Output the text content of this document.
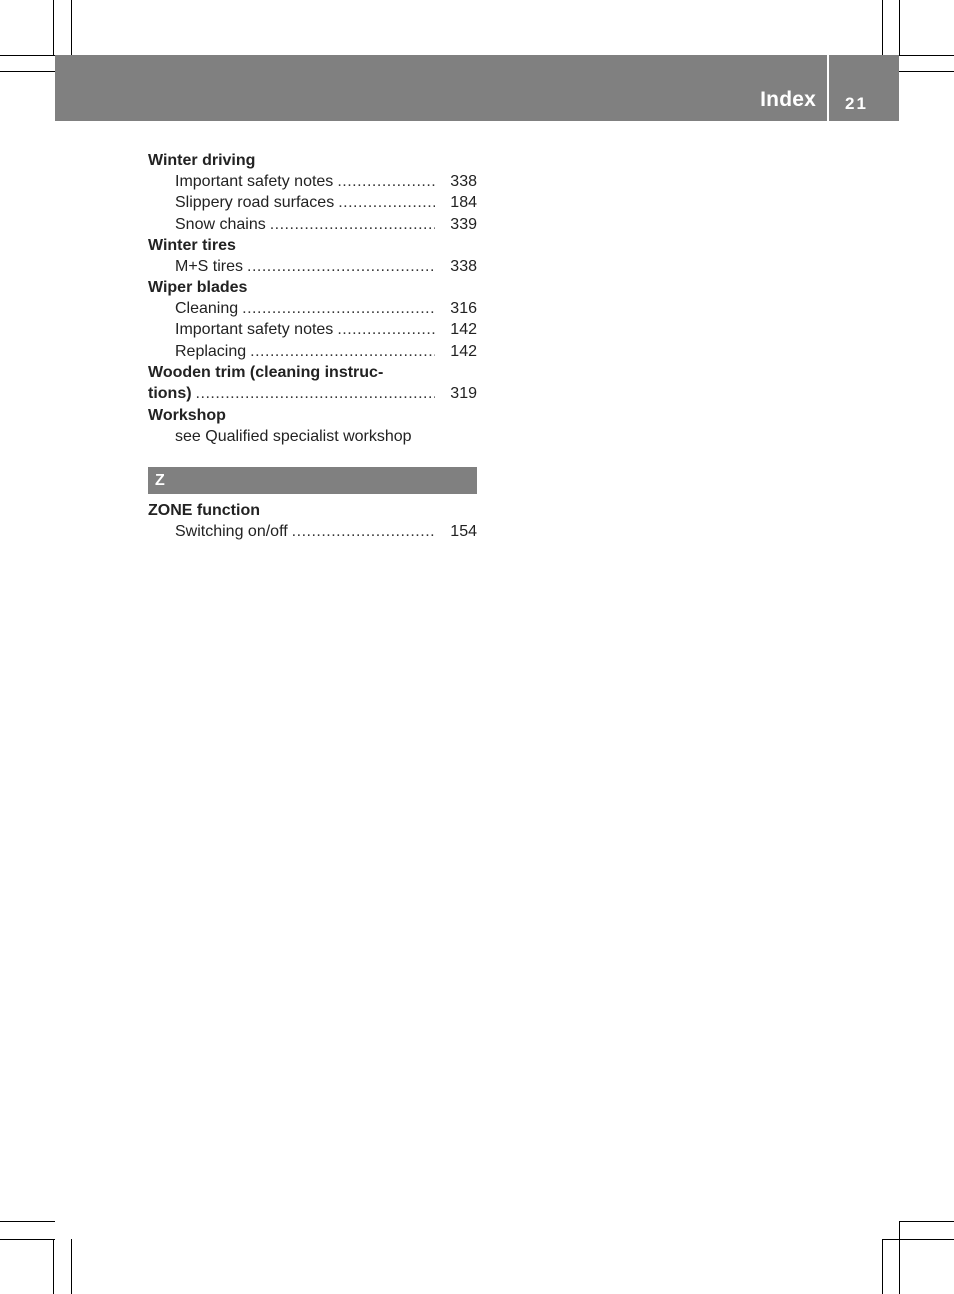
Index 21
Winter driving
Important safety notes .....	338
Slippery road surfaces .....	184
Snow chains .....	339
Winter tires
M+S tires .....	338
Wiper blades
Cleaning .....	316
Important safety notes .....	142
Replacing .....	142
Wooden trim (cleaning instruc-
tions) .....	319
Workshop
see Qualified specialist workshop
Z
ZONE function
Switching on/off .....	154
